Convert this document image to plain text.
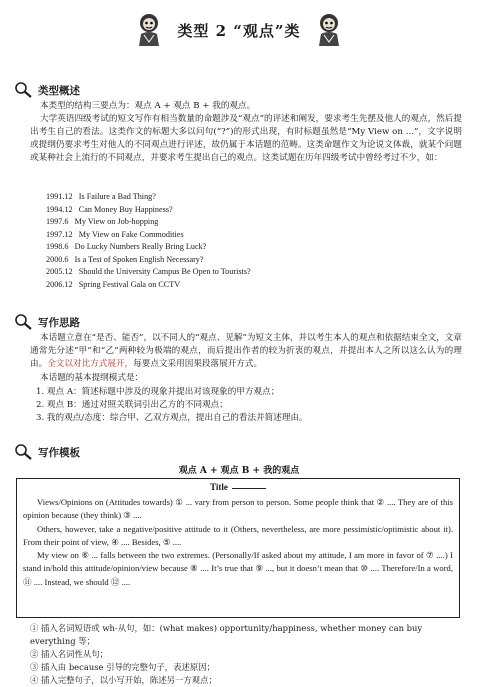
类型 2 “观点”类
类型概述
本类型的结构三要点为：观点 A + 观点 B + 我的观点。
大学英语四级考试的短文写作有相当数量的命题涉及“观点”的评述和阐发，要求考生先摆及他人的观点，然后提出考生自己的看法。这类作文的标题大多以问句(“?”)的形式出现，有时标题虽然是“My View on ...”，文字说明或提纲仍要求考生对他人的不同观点进行评述，故仍属于本话题的范畴。这类命题作文为论说文体裁，就某个问题或某种社会上流行的不同观点，并要求考生提出自己的观点。这类试题在历年四级考试中曾经考过不少，如：
1991.12 Is Failure a Bad Thing?
1994.12 Can Money Buy Happiness?
1997.6 My View on Job-hopping
1997.12 My View on Fake Commodities
1998.6 Do Lucky Numbers Really Bring Luck?
2000.6 Is a Test of Spoken English Necessary?
2005.12 Should the University Campus Be Open to Tourists?
2006.12 Spring Festival Gala on CCTV
写作思路
本话题立意在“是否、能否”，以不同人的“观点、见解”为短文主体，并以考生本人的观点和依据结束全文，文章通常先分述“甲”和“乙”两种较为极端的观点，而后提出作者的较为折衷的观点，并提出本人之所以这么认为的理由。全文以对比方式展开，每要点文采用因果段落展开方式。
本话题的基本提纲模式是：
1. 观点 A：简述标题中涉及的现象并提出对该现象的甲方观点；
2. 观点 B：通过对照关联词引出乙方的不同观点；
3. 我的观点/态度：综合甲、乙双方观点，提出自己的看法并简述理由。
写作模板
观点 A + 观点 B + 我的观点
Title

Views/Opinions on (Attitudes towards) ① ... vary from person to person. Some people think that ② .... They are of this opinion because (they think) ③ ....

Others, however, take a negative/positive attitude to it (Others, nevertheless, are more pessimistic/optimistic about it). From their point of view, ④ .... Besides, ⑤ ....

My view on ⑥ ... falls between the two extremes. (Personally/If asked about my attitude, I am more in favor of ⑦ ....) I stand in/hold this attitude/opinion/view because ⑧ .... It’s true that ⑨ ..., but it doesn’t mean that ⑩ .... Therefore/In a word, ⑪ .... Instead, we should ⑫ ....

① 插入名词短语或 wh-从句，如：(what makes) opportunity/happiness, whether money can buy everything 等；
② 插入名词性从句；
③ 插入由 because 引导的完整句子，表述原因；
④ 插入完整句子，以小写开始，陈述另一方观点；
